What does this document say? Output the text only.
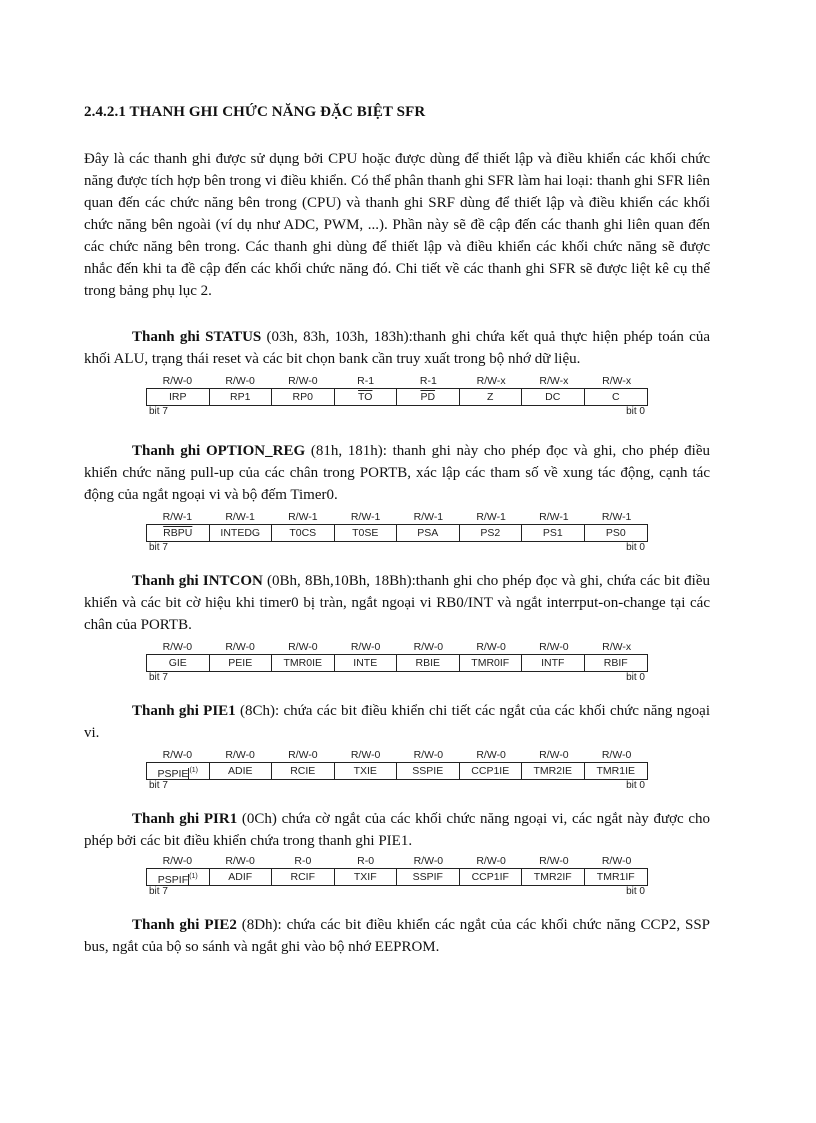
2.4.2.1 THANH GHI CHỨC NĂNG ĐẶC BIỆT SFR

Đây là các thanh ghi được sử dụng bởi CPU hoặc được dùng để thiết lập và điều khiển các khối chức năng được tích hợp bên trong vi điều khiển. Có thể phân thanh ghi SFR làm hai loại: thanh ghi SFR liên quan đến các chức năng bên trong (CPU) và thanh ghi SRF dùng để thiết lập và điều khiển các khối chức năng bên ngoài (ví dụ như ADC, PWM, ...). Phần này sẽ đề cập đến các thanh ghi liên quan đến các chức năng bên trong. Các thanh ghi dùng để thiết lập và điều khiển các khối chức năng sẽ được nhắc đến khi ta đề cập đến các khối chức năng đó. Chi tiết về các thanh ghi SFR sẽ được liệt kê cụ thể trong bảng phụ lục 2.

Thanh ghi STATUS (03h, 83h, 103h, 183h):thanh ghi chứa kết quả thực hiện phép toán của khối ALU, trạng thái reset và các bit chọn bank cần truy xuất trong bộ nhớ dữ liệu.

R/W-0	R/W-0	R/W-0	R-1	R-1	R/W-x	R/W-x	R/W-x
IRP	RP1	RP0	$\overline{TO}$	$\overline{PD}$	Z	DC	C
bit 7	bit 0

Thanh ghi OPTION_REG (81h, 181h): thanh ghi này cho phép đọc và ghi, cho phép điều khiển chức năng pull-up của các chân trong PORTB, xác lập các tham số về xung tác động, cạnh tác động của ngắt ngoại vi và bộ đếm Timer0.

R/W-1	R/W-1	R/W-1	R/W-1	R/W-1	R/W-1	R/W-1	R/W-1
RBPU	INTEDG	T0CS	T0SE	PSA	PS2	PS1	PS0
bit 7	bit 0

Thanh ghi INTCON (0Bh, 8Bh,10Bh, 18Bh):thanh ghi cho phép đọc và ghi, chứa các bit điều khiển và các bit cờ hiệu khi timer0 bị tràn, ngắt ngoại vi RB0/INT và ngắt interrput-on-change tại các chân của PORTB.

R/W-0	R/W-0	R/W-0	R/W-0	R/W-0	R/W-0	R/W-0	R/W-x
GIE	PEIE	TMR0IE	INTE	RBIE	TMR0IF	INTF	RBIF
bit 7	bit 0

Thanh ghi PIE1 (8Ch): chứa các bit điều khiển chi tiết các ngắt của các khối chức năng ngoại vi.

R/W-0	R/W-0	R/W-0	R/W-0	R/W-0	R/W-0	R/W-0	R/W-0
PSPIE$^{(1)}$	ADIE	RCIE	TXIE	SSPIE	CCP1IE	TMR2IE	TMR1IE
bit 7	bit 0

Thanh ghi PIR1 (0Ch) chứa cờ ngắt của các khối chức năng ngoại vi, các ngắt này được cho phép bởi các bit điều khiển chứa trong thanh ghi PIE1.

R/W-0	R/W-0	R-0	R-0	R/W-0	R/W-0	R/W-0	R/W-0
PSPIF$^{(1)}$	ADIF	RCIF	TXIF	SSPIF	CCP1IF	TMR2IF	TMR1IF
bit 7	bit 0

Thanh ghi PIE2 (8Dh): chứa các bit điều khiển các ngắt của các khối chức năng CCP2, SSP bus, ngắt của bộ so sánh và ngắt ghi vào bộ nhớ EEPROM.
